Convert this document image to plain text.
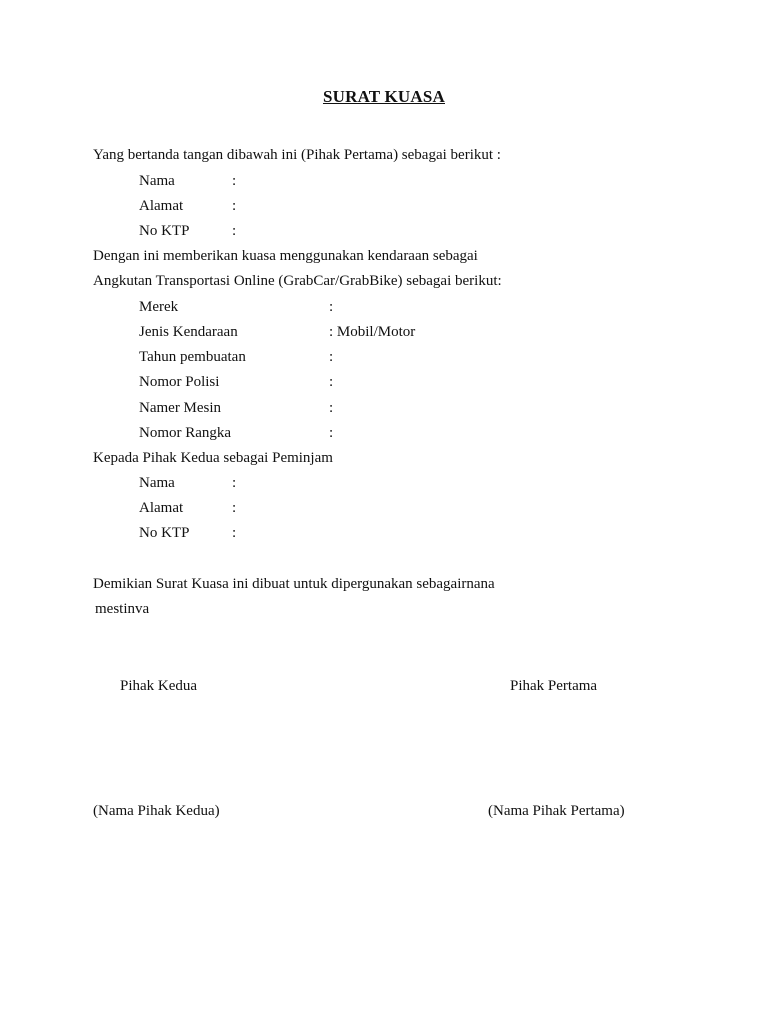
SURAT KUASA
Yang bertanda tangan dibawah ini (Pihak Pertama) sebagai berikut :
Nama	:
Alamat	:
No KTP	:
Dengan ini memberikan kuasa menggunakan kendaraan sebagai
Angkutan Transportasi Online (GrabCar/GrabBike) sebagai berikut:
Merek	:
Jenis Kendaraan	: Mobil/Motor
Tahun pembuatan	:
Nomor Polisi	:
Namer Mesin	:
Nomor Rangka	:
Kepada Pihak Kedua sebagai Peminjam
Nama	:
Alamat	:
No KTP	:
Demikian Surat Kuasa ini dibuat untuk dipergunakan sebagairnana
mestinva
Pihak Kedua	Pihak Pertama
(Nama Pihak Kedua)	(Nama Pihak Pertama)
